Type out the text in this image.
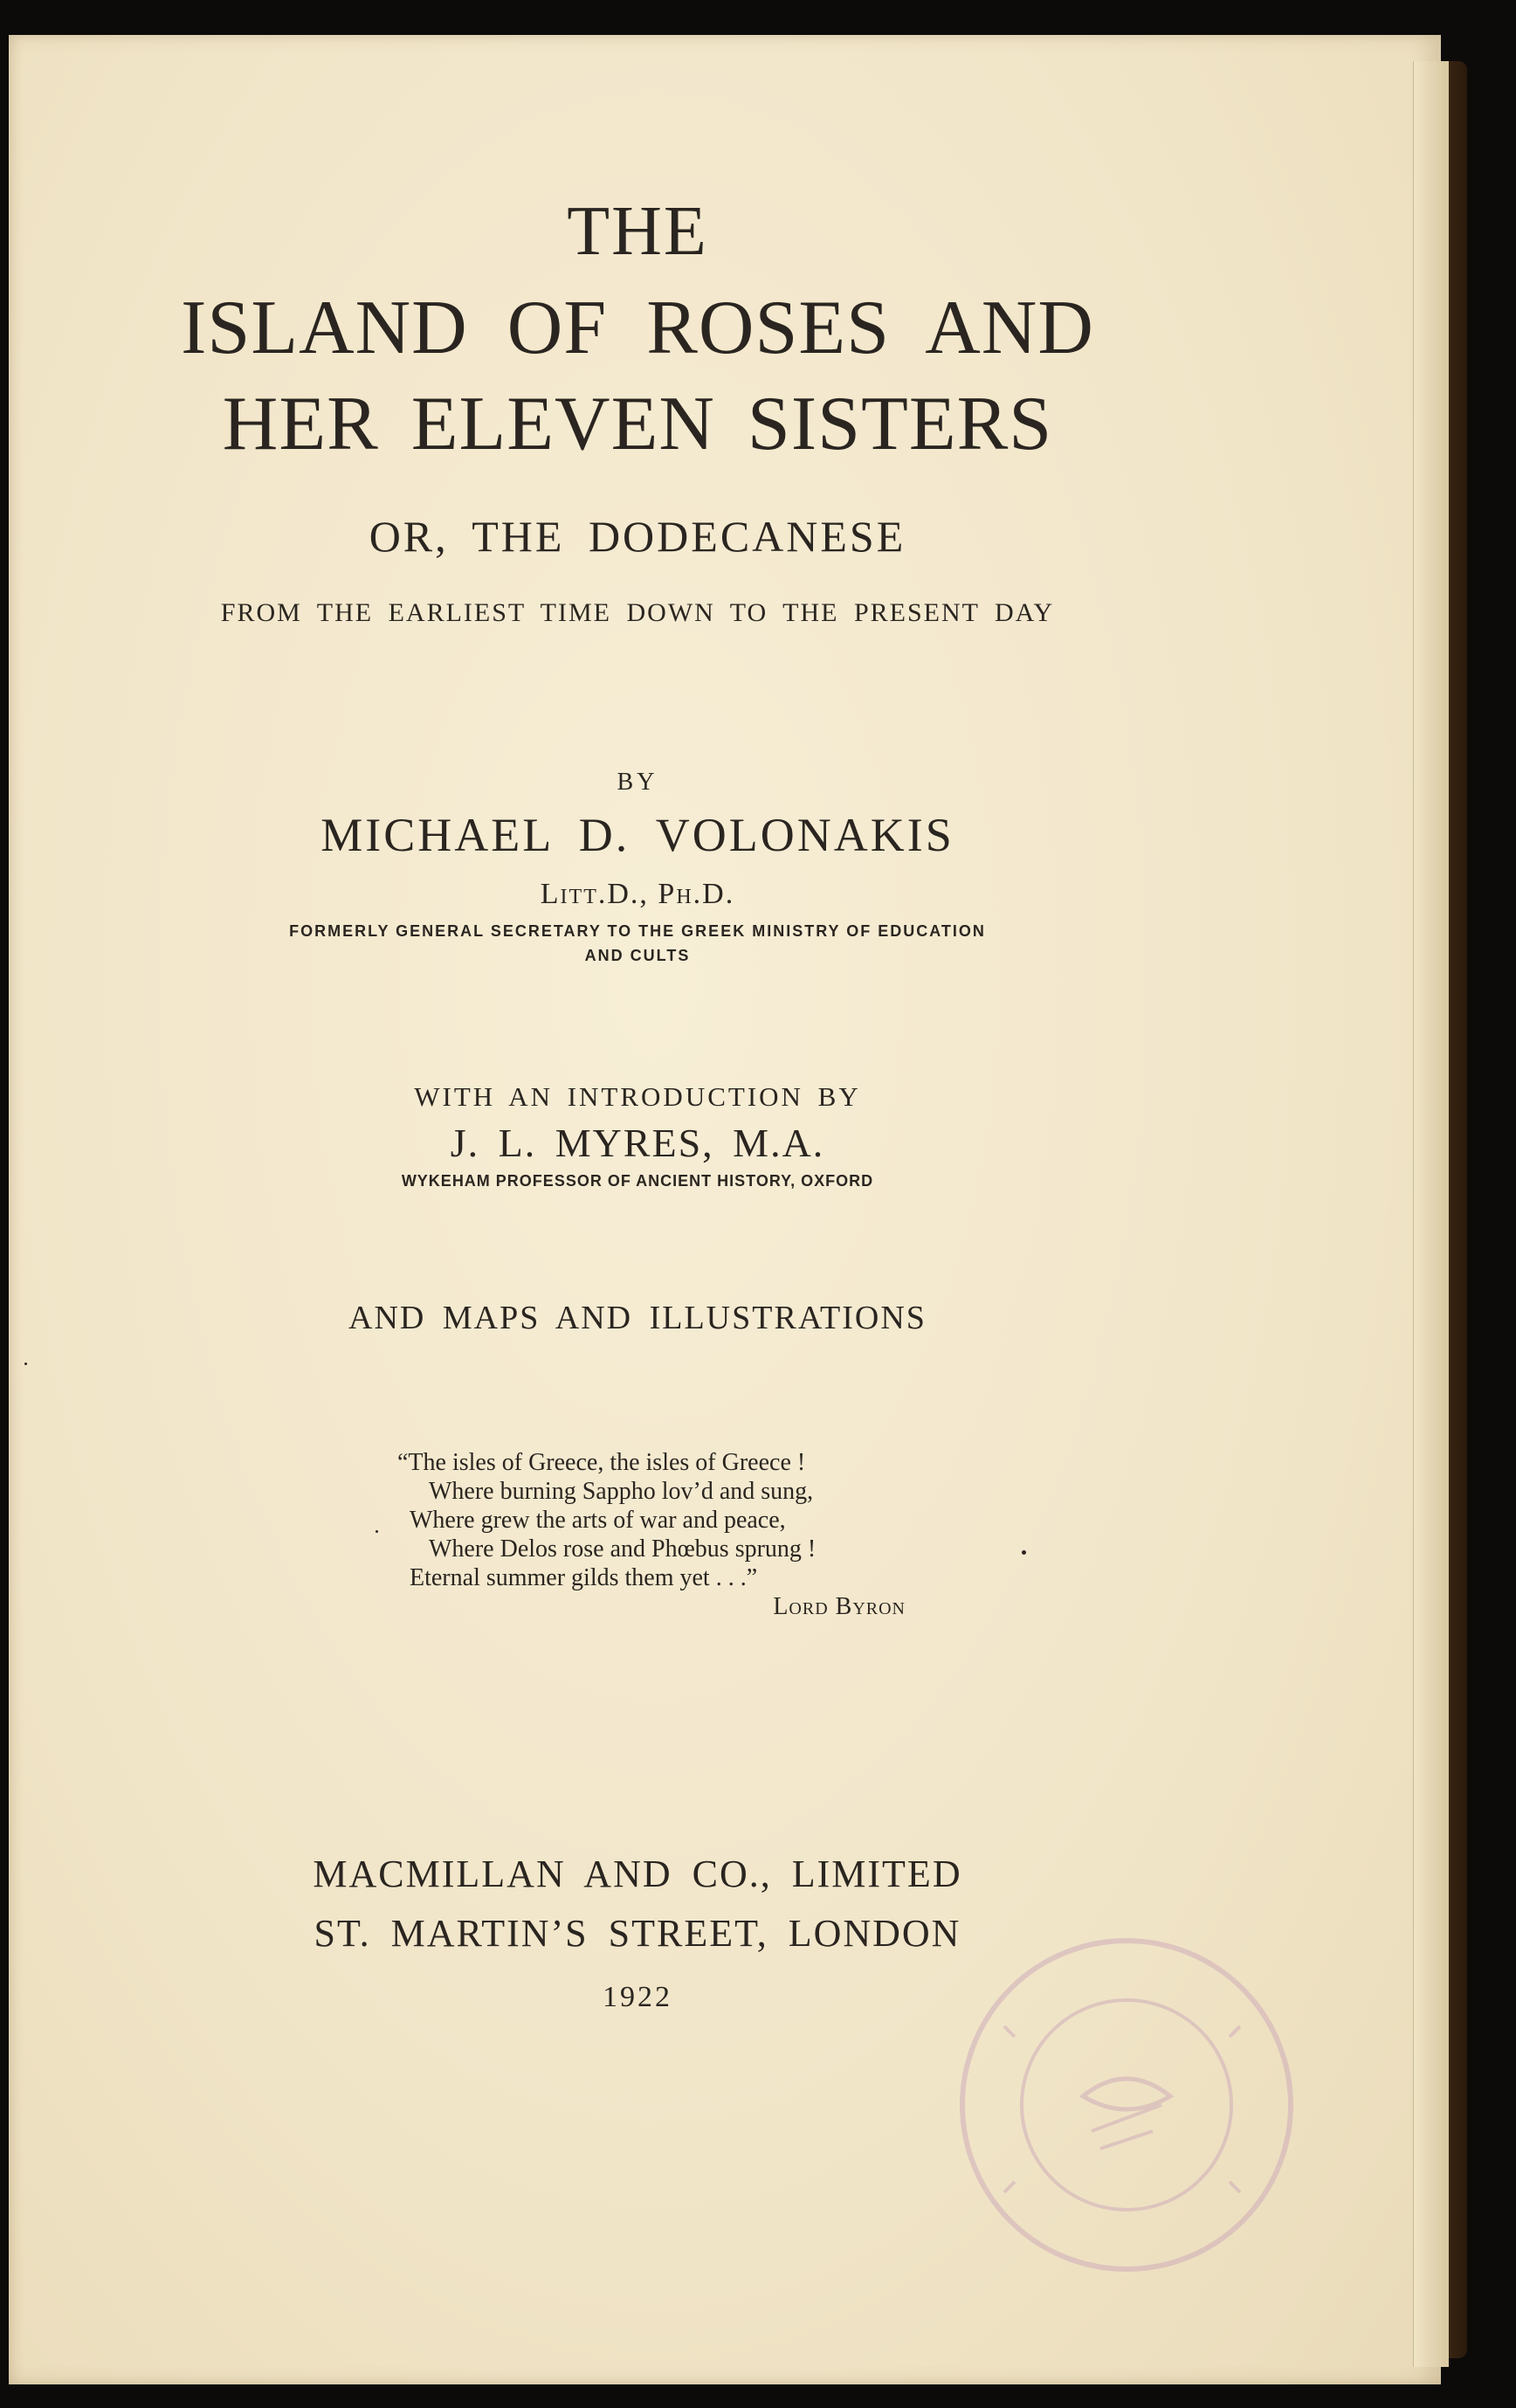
THE
ISLAND OF ROSES AND
HER ELEVEN SISTERS
OR, THE DODECANESE
FROM THE EARLIEST TIME DOWN TO THE PRESENT DAY
BY
MICHAEL D. VOLONAKIS
Litt.D., Ph.D.
FORMERLY GENERAL SECRETARY TO THE GREEK MINISTRY OF EDUCATION
AND CULTS
WITH AN INTRODUCTION BY
J. L. MYRES, M.A.
WYKEHAM PROFESSOR OF ANCIENT HISTORY, OXFORD
AND MAPS AND ILLUSTRATIONS
“The isles of Greece, the isles of Greece !
Where burning Sappho lov’d and sung,
Where grew the arts of war and peace,
Where Delos rose and Phœbus sprung !
Eternal summer gilds them yet . . .”
Lord Byron
MACMILLAN AND CO., LIMITED
ST. MARTIN’S STREET, LONDON
1922
